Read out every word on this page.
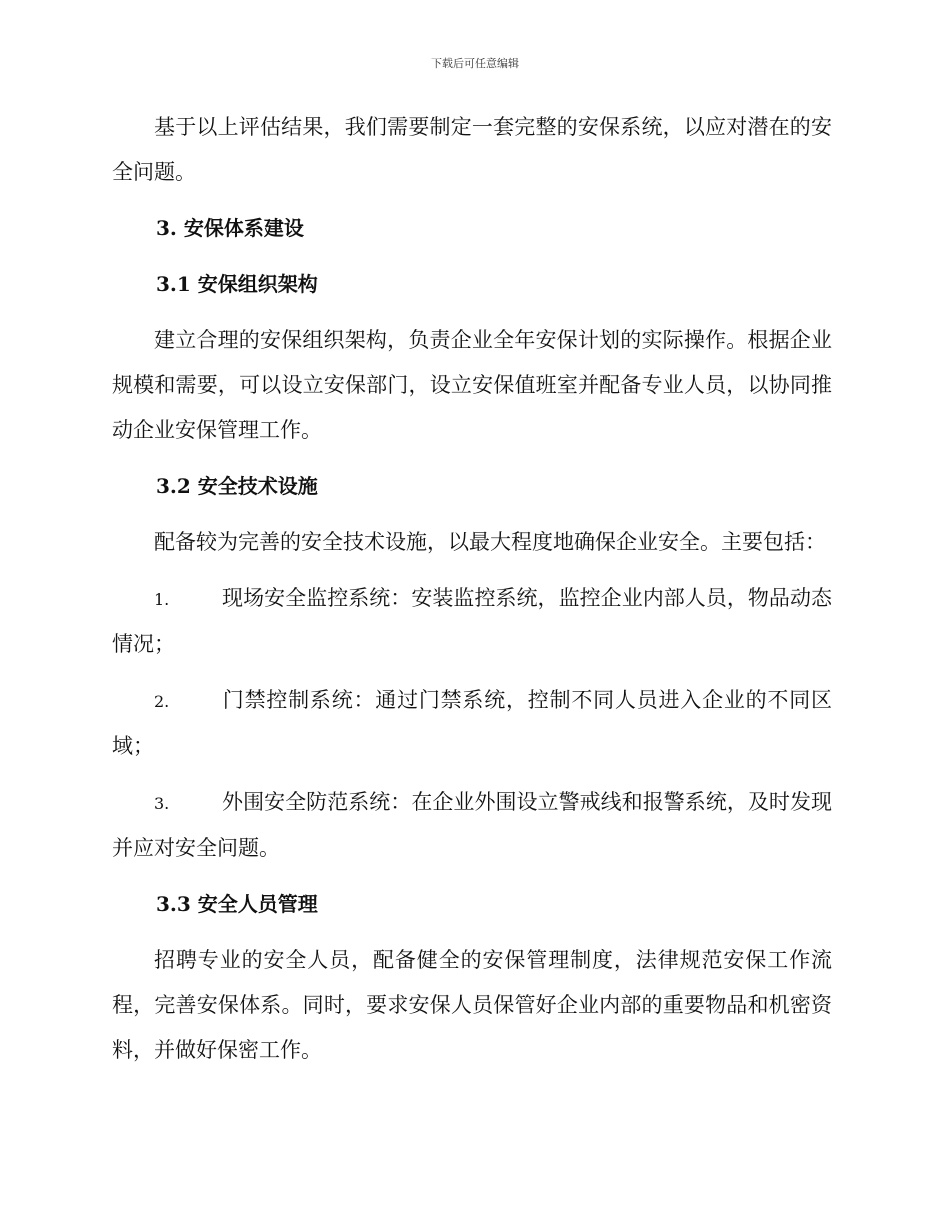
下载后可任意编辑

基于以上评估结果，我们需要制定一套完整的安保系统，以应对潜在的安全问题。

3. 安保体系建设
3.1 安保组织架构

建立合理的安保组织架构，负责企业全年安保计划的实际操作。根据企业规模和需要，可以设立安保部门，设立安保值班室并配备专业人员，以协同推动企业安保管理工作。

3.2 安全技术设施

配备较为完善的安全技术设施，以最大程度地确保企业安全。主要包括：

1.	现场安全监控系统：安装监控系统，监控企业内部人员，物品动态情况；
2.	门禁控制系统：通过门禁系统，控制不同人员进入企业的不同区域；
3.	外围安全防范系统：在企业外围设立警戒线和报警系统，及时发现并应对安全问题。
3.3 安全人员管理

招聘专业的安全人员，配备健全的安保管理制度，法律规范安保工作流程，完善安保体系。同时，要求安保人员保管好企业内部的重要物品和机密资料，并做好保密工作。
